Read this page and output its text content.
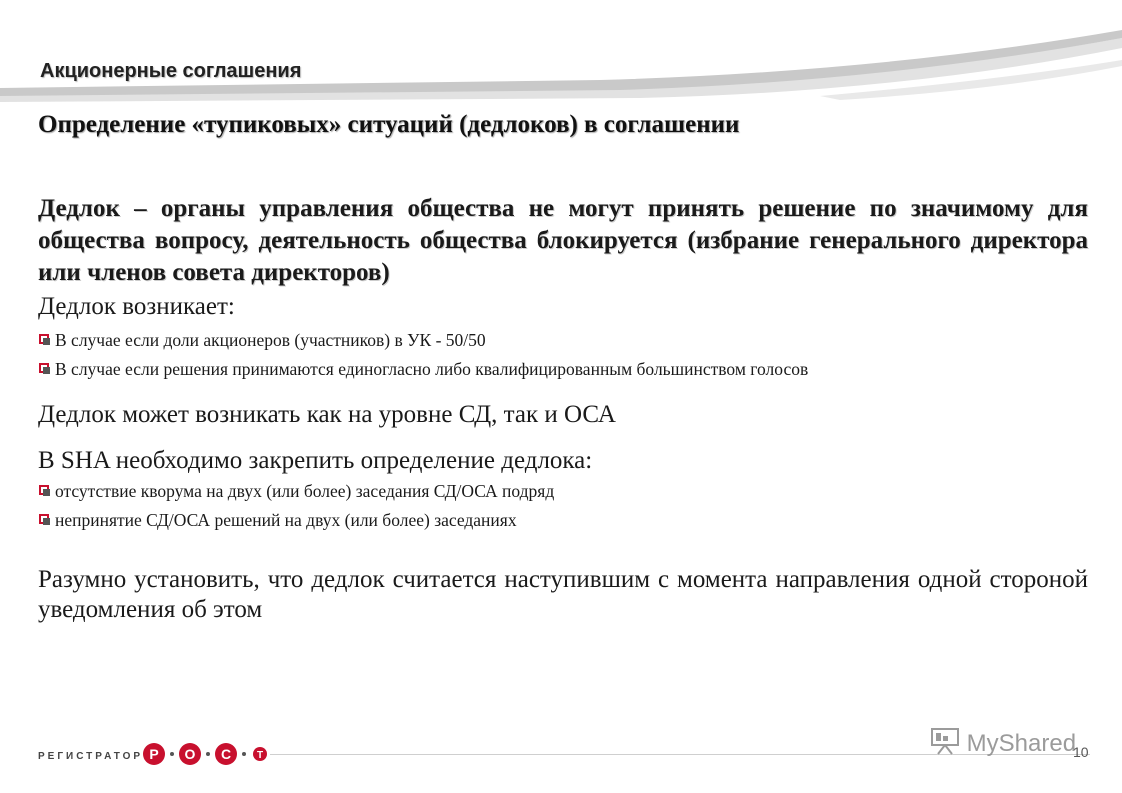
Акционерные соглашения
Определение «тупиковых» ситуаций (дедлоков) в соглашении

Дедлок – органы управления общества не могут принять решение по значимому для общества вопросу, деятельность общества блокируется (избрание генерального директора или членов совета директоров)

Дедлок возникает:

В случае если доли акционеров (участников) в УК - 50/50

В случае если решения принимаются единогласно либо квалифицированным большинством голосов

Дедлок может возникать как на уровне СД, так и ОСА

В SHA необходимо закрепить определение дедлока:

отсутствие кворума на двух (или более) заседания СД/ОСА подряд

непринятие СД/ОСА решений на двух (или более) заседаниях

Разумно установить, что дедлок считается наступившим с момента направления одной стороной уведомления об этом

РЕГИСТРАТОР Р О С	Т	MyShared
10
